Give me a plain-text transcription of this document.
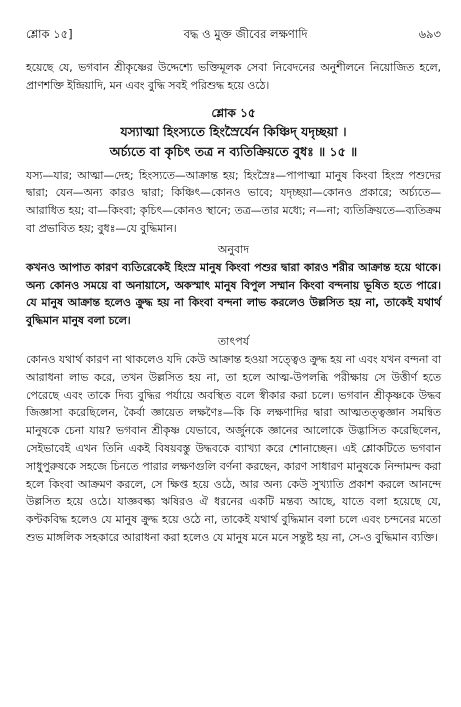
শ্লোক ১৫]	বদ্ধ ও মুক্ত জীবের লক্ষণাদি	৬৯৩

হয়েছে যে, ভগবান শ্রীকৃষ্ণের উদ্দেশ্যে ভক্তিমূলক সেবা নিবেদনের অনুশীলনে নিয়োজিত হলে, প্রাণশক্তি ইন্দ্রিয়াদি, মন এবং বুদ্ধি সবই পরিশুদ্ধ হয়ে ওঠে।

শ্লোক ১৫
যস্যাত্মা হিংস্যতে হিংস্রৈর্যেন কিঞ্চিদ্ যদৃচ্ছয়া ।
অর্চ্যতে বা কৃচিৎ তত্র ন ব্যতিক্রিয়তে বুধঃ ॥ ১৫ ॥

যস্য—যার; আত্মা—দেহ; হিংস্যতে—আক্রান্ত হয়; হিংস্রৈঃ—পাপাত্মা মানুষ কিংবা হিংস্র পশুদের দ্বারা; যেন—অন্য কারও দ্বারা; কিঞ্চিৎ—কোনও ভাবে; যদৃচ্ছয়া—কোনও প্রকারে; অর্চ্যতে—আরাধিত হয়; বা—কিংবা; কৃচিৎ—কোনও স্থানে; তত্র—তার মধ্যে; ন—না; ব্যতিক্রিয়তে—ব্যতিক্রম বা প্রভাবিত হয়; বুধঃ—যে বুদ্ধিমান।

অনুবাদ

কখনও আপাত কারণ ব্যতিরেকেই হিংস্র মানুষ কিংবা পশুর দ্বারা কারও শরীর আক্রান্ত হয়ে থাকে। অন্য কোনও সময়ে বা অনায়াসে, অকস্মাৎ মানুষ বিপুল সম্মান কিংবা বন্দনায় ভূষিত হতে পারে। যে মানুষ আক্রান্ত হলেও ক্রুদ্ধ হয় না কিংবা বন্দনা লাভ করলেও উল্লসিত হয় না, তাকেই যথার্থ বুদ্ধিমান মানুষ বলা চলে।

তাৎপর্য

কোনও যথার্থ কারণ না থাকলেও যদি কেউ আক্রান্ত হওয়া সত্ত্বেও ক্রুদ্ধ হয় না এবং যখন বন্দনা বা আরাধনা লাভ করে, তখন উল্লসিত হয় না, তা হলে আত্ম-উপলব্ধি পরীক্ষায় সে উত্তীর্ণ হতে পেরেছে এবং তাকে দিব্য বুদ্ধির পর্যায়ে অবস্থিত বলে স্বীকার করা চলে। ভগবান শ্রীকৃষ্ণকে উদ্ধব জিজ্ঞাসা করেছিলেন, কৈর্বা জ্ঞায়েত লক্ষণৈঃ—কি কি লক্ষণাদির দ্বারা আত্মতত্ত্বজ্ঞান সমন্বিত মানুষকে চেনা যায়? ভগবান শ্রীকৃষ্ণ যেভাবে, অর্জুনকে জ্ঞানের আলোকে উদ্ভাসিত করেছিলেন, সেইভাবেই এখন তিনি একই বিষয়বস্তু উদ্ধবকে ব্যাখ্যা করে শোনাচ্ছেন। এই শ্লোকটিতে ভগবান সাধুপুরুষকে সহজে চিনতে পারার লক্ষণগুলি বর্ণনা করছেন, কারণ সাধারণ মানুষকে নিন্দামন্দ করা হলে কিংবা আক্রমণ করলে, সে ক্ষিপ্ত হয়ে ওঠে, আর অন্য কেউ সুখ্যাতি প্রকাশ করলে আনন্দে উল্লসিত হয়ে ওঠে। যাজ্ঞবল্ক্য ঋষিরও ঐ ধরনের একটি মন্তব্য আছে, যাতে বলা হয়েছে যে, কণ্টকবিদ্ধ হলেও যে মানুষ ক্রুদ্ধ হয়ে ওঠে না, তাকেই যথার্থ বুদ্ধিমান বলা চলে এবং চন্দনের মতো শুভ মাঙ্গলিক সহকারে আরাধনা করা হলেও যে মানুষ মনে মনে সন্তুষ্ট হয় না, সে-ও বুদ্ধিমান ব্যক্তি।
